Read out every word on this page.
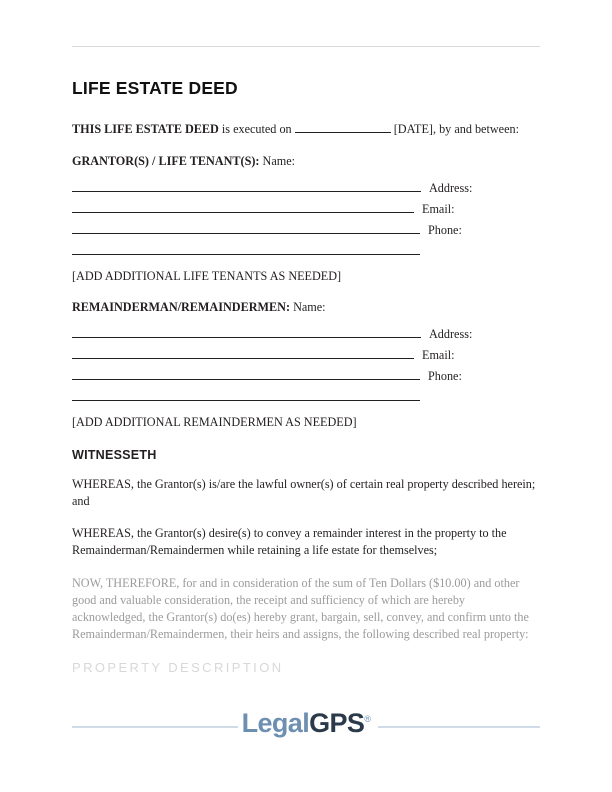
LIFE ESTATE DEED

THIS LIFE ESTATE DEED is executed on	[DATE], by and between:

GRANTOR(S) / LIFE TENANT(S): Name:

Address:
Email:
Phone:

[ADD ADDITIONAL LIFE TENANTS AS NEEDED]

REMAINDERMAN/REMAINDERMEN: Name:

Address:
Email:
Phone:

[ADD ADDITIONAL REMAINDERMEN AS NEEDED]

WITNESSETH

WHEREAS, the Grantor(s) is/are the lawful owner(s) of certain real property described herein; and

WHEREAS, the Grantor(s) desire(s) to convey a remainder interest in the property to the Remainderman/Remaindermen while retaining a life estate for themselves;

NOW, THEREFORE, for and in consideration of the sum of Ten Dollars ($10.00) and other good and valuable consideration, the receipt and sufficiency of which are hereby acknowledged, the Grantor(s) do(es) hereby grant, bargain, sell, convey, and confirm unto the Remainderman/Remaindermen, their heirs and assigns, the following described real property:

PROPERTY DESCRIPTION
LegalGPS®
